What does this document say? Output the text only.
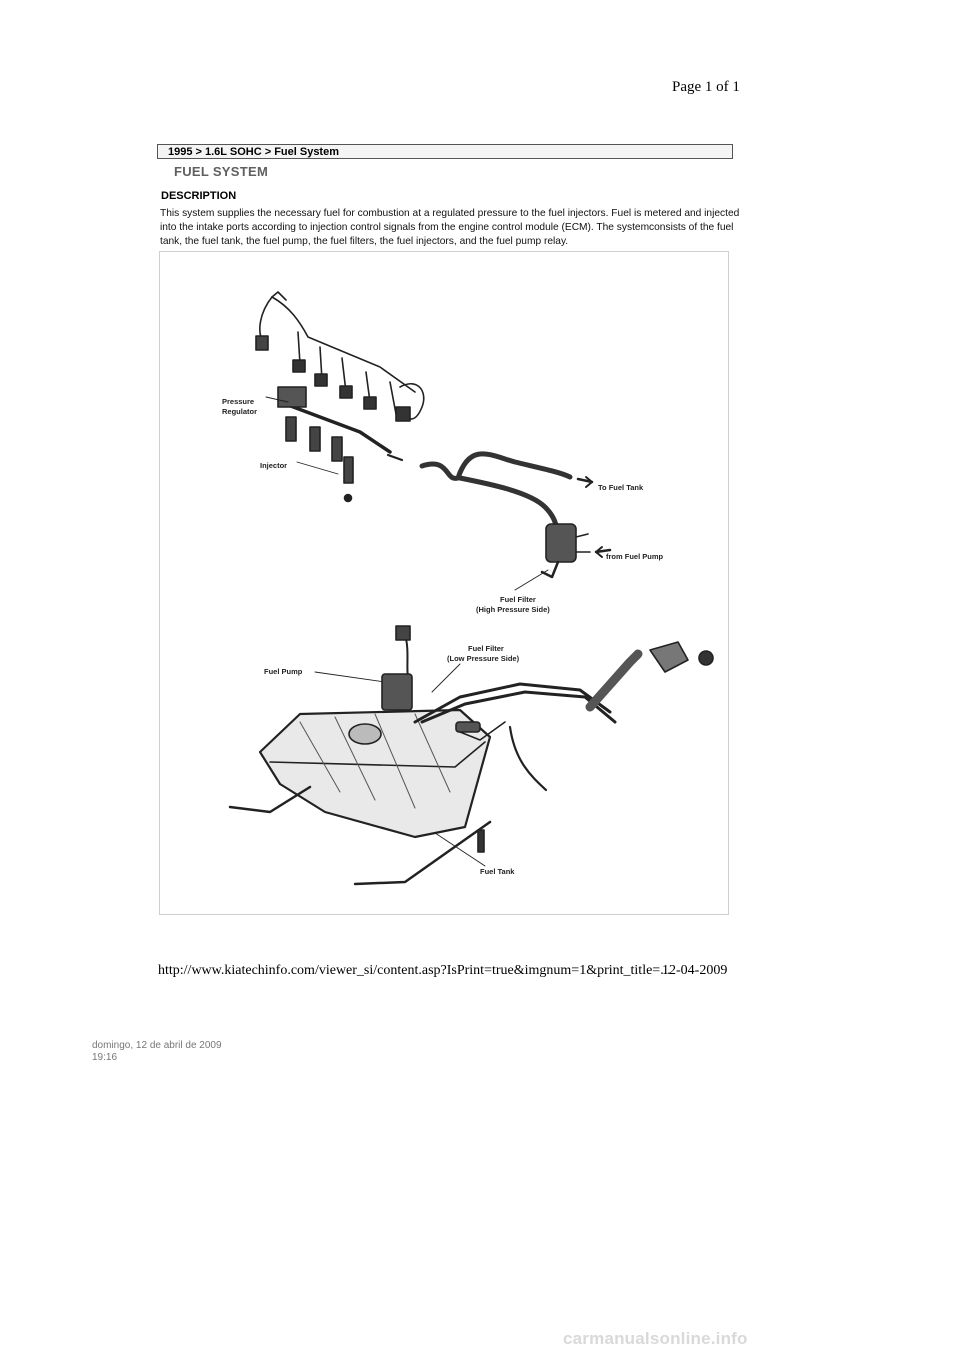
Page 1 of 1
1995 > 1.6L SOHC > Fuel System
FUEL SYSTEM
DESCRIPTION
This system supplies the necessary fuel for combustion at a regulated pressure to the fuel injectors. Fuel is metered and injected into the intake ports according to injection control signals from the engine control module (ECM). The systemconsists of the fuel tank, the fuel tank, the fuel pump, the fuel filters, the fuel injectors, and the fuel pump relay.
Pressure
Regulator
Injector
To Fuel Tank
from Fuel Pump
Fuel Filter
(High Pressure Side)
Fuel Filter
(Low Pressure Side)
Fuel Pump
Fuel Tank
http://www.kiatechinfo.com/viewer_si/content.asp?IsPrint=true&imgnum=1&print_title=...
12-04-2009
domingo, 12 de abril de 2009
19:16
carmanualsonline.info
